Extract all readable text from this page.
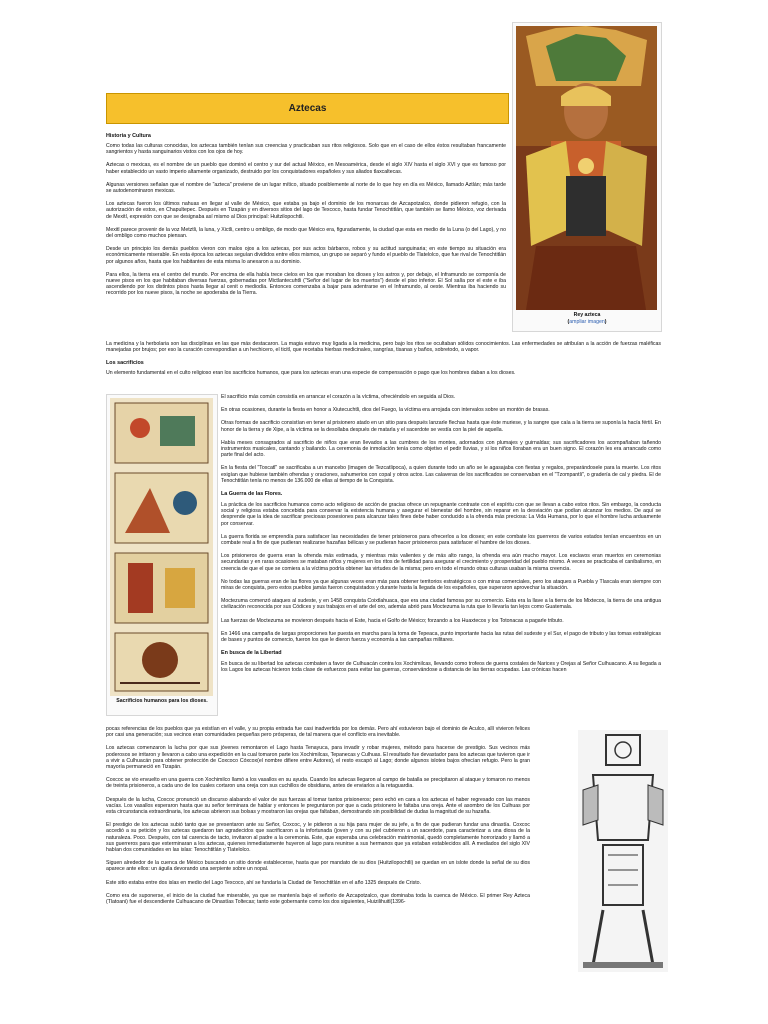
Aztecas
Historia y Cultura

Como todas las culturas conocidas, los aztecas también tenían sus creencias y practicaban sus ritos religiosos. Solo que en el caso de ellos éstos resultaban francamente sangrientos y hasta sanguinarios vistos con los ojos de hoy.

Aztecas o mexicas, es el nombre de un pueblo que dominó el centro y sur del actual México, en Mesoamérica, desde el siglo XIV hasta el siglo XVI y que es famoso por haber establecido un vasto imperio altamente organizado, destruido por los conquistadores españoles y sus aliados tlaxcaltecas.

Algunas versiones señalan que el nombre de "azteca" proviene de un lugar mítico, situado posiblemente al norte de lo que hoy en día es México, llamado Aztlán; más tarde se autodenominaron mexicas.

Los aztecas fueron los últimos nahuas en llegar al valle de México, que estaba ya bajo el dominio de los monarcas de Azcapotzalco, donde pidieron refugio, con la autorización de estos, en Chapultepec. Después en Tizapán y en diversos sitios del lago de Texcoco, hasta fundar Tenochtitlán, que también se llamo México, voz derivada de Mexitl, expresión con que se designaba así mismo al Dios principal: Huitzilopochtli.

Mexitl parece provenir de la voz Metztli, la luna, y Xictli, centro u ombligo, de modo que México era, figuradamente, la ciudad que esta en medio de la Luna (o del Lago), y no del ombligo como muchos piensan.

Desde un principio los demás pueblos vieron con malos ojos a los aztecas, por sus actos bárbaros, robos y su actitud sanguinaria; en este tiempo su situación era económicamente miserable. En esta época los aztecas seguían divididos entre ellos mismos, un grupo se separó y fundo el pueblo de Tlatelolco, que fue rival de Tenochtitlán por algunos años, hasta que los habitantes de esta misma lo anexaron a su dominio.

Para ellos, la tierra era el centro del mundo. Por encima de ella había trece cielos en los que moraban los dioses y los astros y, por debajo, el Inframundo se componía de nueve pisos en los que habitaban diversas fuerzas, gobernadas por Mictlantecuhtli ("Señor del lugar de los muertos") desde el piso inferior. El Sol salía por el este e iba ascendiendo por los distintos pisos hasta llegar al cenit o mediodía. Entonces comenzaba a bajar para adentrarse en el Inframundo, al oeste. Mientras iba haciendo su recorrido por los nueve pisos, la noche se apoderaba de la Tierra.

Rey azteca
(ampliar imagen)

La medicina y la herbolaria son las disciplinas en las que más destacaron. La magia estuvo muy ligada a la medicina, pero bajo los ritos se ocultaban sólidos conocimientos. Las enfermedades se atribuían a la acción de fuerzas maléficas manejadas por brujos; por eso la curación correspondían a un hechicero, el ticitl, que recetaba hierbas medicinales, sangrías, tisanas y baños, sobretodo, a vapor.

Los sacrificios

Un elemento fundamental en el culto religioso eran los sacrificios humanos, que para los aztecas eran una especie de compensación o pago que los hombres daban a los dioses.

Sacrificios humanos para los dioses.

El sacrificio más común consistía en arrancar el corazón a la víctima, ofreciéndolo en seguida al Dios.

En otras ocasiones, durante la fiesta en honor a Xiutecuchtli, dios del Fuego, la víctima era arrojada con intervalos sobre un montón de brasas.

Otras formas de sacrificio consistían en tener al prisionero atado en un sitio para después lanzarle flechas hasta que éste muriese, y la sangre que caía a la tierra se suponía la hacía fértil. En honor de la tierra y de Xipe, a la víctima se la desollaba después de matarla y el sacerdote se vestía con la piel de aquella.

Había meses consagrados al sacrificio de niños que eran llevados a las cumbres de los montes, adornados con plumajes y guirnaldas; sus sacrificadores los acompañaban tañendo instrumentos musicales, cantando y bailando. La ceremonia de inmolación tenía como objetivo el pedir lluvias, y si los niños lloraban era un buen signo. El corazón les era arrancado como parte final del acto.

En la fiesta del "Toxcatl" se sacrificaba a un mancebo (imagen de Tezcatlipoca), a quien durante todo un año se le agasajaba con fiestas y regalos, preparándosele para la muerte. Los ritos exigían que hubiese también ofrendas y oraciones, sahumerios con copal y otros actos. Las calaveras de los sacrificados se conservaban en el "Tzompantli", o gradería de cal y piedra. El de Tenochtitlán tenía no menos de 136.000 de ellas al tiempo de la Conquista.

La Guerra de las Flores.

La práctica de los sacrificios humanos como acto religioso de acción de gracias ofrece un repugnante contraste con el espíritu con que se llevan a cabo estos ritos. Sin embargo, la conducta social y religiosa estaba concebida para conservar la existencia humana y asegurar el bienestar del hombre, sin reparar en la desviación que podían alcanzar los medios. De aquí se desprende que la idea de sacrificar preciosas posesiones para alcanzar tales fines debe haber conducido a la ofrenda más preciosa: La Vida Humana, por lo que el hombre lucha arduamente por conservar.

La guerra florida se emprendía para satisfacer las necesidades de tener prisioneros para ofrecerlos a los dioses; en este combate los guerreros de varios estados tenían encuentros en un combate real a fin de que pudieran realizarse hazañas bélicas y se pudieran hacer prisioneros para satisfacer el hambre de los dioses.

Los prisioneros de guerra eran la ofrenda más estimada, y mientras más valientes y de más alto rango, la ofrenda era aún mucho mayor. Los esclavos eran muertos en ceremonias secundarias y en raras ocasiones se mataban niños y mujeres en los ritos de fertilidad para asegurar el crecimiento y prosperidad del pueblo mismo. A veces se practicaba el canibalismo, en creencia de que el que se comiera a la víctima podría obtener las virtudes de la misma; pero en todo el mundo otras culturas usaban la misma creencia.

No todas las guerras eran de las flores ya que algunas veces eran más para obtener territorios estratégicos o con miras comerciales, pero los ataques a Puebla y Tlaxcala eran siempre con miras de conquista, pero estos pueblos jamás fueron conquistados y durante hasta la llegada de los españoles, que superaron aprovechar la situación.

Moctezuma comenzó ataques al sudeste, y en 1458 conquista Coixtlahuaca, que era una ciudad famosa por su comercio. Esta era la llave a la tierra de los Mixtecos, la tierra de una antigua civilización reconocida por sus Códices y sus trabajos en el arte del oro, además abrió para Moctezuma la ruta que lo llevaría tan lejos como Guatemala.

Las fuerzas de Moctezuma se movieron después hacia el Este, hacia el Golfo de México; forzando a los Huaxtecos y los Totonacas a pagarle tributo.

En 1466 una campaña de largas proporciones fue puesta en marcha para la toma de Tepeaca, punto importante hacia las rutas del sudeste y el Sur, el pago de tributo y las tomas estratégicas de bases y puntos de comercio, fueron los que le dieron fuerza y economía a las campañas militares.

En busca de la Libertad

En busca de su libertad los aztecas combaten a favor de Culhuacán contra los Xochimilcas, llevando como trofeos de guerra costales de Narices y Orejas al Señor Culhuacano. A su llegada a los Lagos los aztecas hicieron toda clase de esfuerzos para evitar las guerras, conservándose a distancia de las tierras ocupadas. Las crónicas hacen

pocas referencias de los pueblos que ya existían en el valle, y su propia entrada fue casi inadvertida por los demás. Pero ahí estuvieron bajo el dominio de Aculco, allí vivieron felices por casi una generación; sus vecinos eran comunidades pequeñas pero prósperas, de tal manera que el conflicto era inevitable.

Los aztecas comenzaron la lucha por que sus jóvenes remontaron el Lago hasta Tenayuca, para invadir y robar mujeres, método para hacerse de prestigio. Sus vecinos más poderosos se irritaron y llevaron a cabo una expedición en la cual tomaron parte los Xochimilcas, Tepanecas y Culhuas. El resultado fue devastador para los aztecas que tuvieron que ir a vivir a Culhuacán para obtener protección de Coxcoco Cóxcox(el nombre difiere entre Autores), el resto escapó al Lago; donde algunos islotes bajos ofrecían refugio. Pero la gran mayoría permaneció en Tizapán.

Coxcoc se vio envuelto en una guerra con Xochimilco llamó a los vasallos en su ayuda. Cuando los aztecas llegaron al campo de batalla se precipitaron al ataque y tomaron no menos de treinta prisioneros, a cada uno de los cuales cortaron una oreja con sus cuchillos de obsidiana, antes de enviarlos a la retaguardia.

Después de la lucha, Coxcoc pronunció un discurso alabando el valor de sus fuerzas al tomar tantos prisioneros; pero echó en cara a los aztecas el haber regresado con las manos vacías. Los vasallos esperaron hasta que su señor terminara de hablar y entonces le preguntaron por que a cada prisionero le faltaba una oreja. Ante el asombro de los Culhuas por esta circunstancia extraordinaria, los aztecas abrieron sus bolsas y mostraron las orejas que faltaban, demostrando sin posibilidad de dudas la magnitud de su hazaña.

El prestigio de los aztecas subió tanto que se presentaron ante su Señor, Coxcoc, y le pidieron a su hija para mujer de su jefe, a fin de que pudieran fundar una dinastía. Coxcoc accedió a su petición y los aztecas quedaron tan agradecidos que sacrificaron a la infortunada (joven y con su piel cubrieron a un sacerdote, para caracterizar a una diosa de la naturaleza. Poco. Después, con tal carencia de tacto, invitaron al padre a la ceremonia. Este, que esperaba una celebración matrimonial, quedó completamente horrorizado y llamó a sus guerreros para que exterminaran a los aztecas, quienes inmediatamente huyeron al lago para reunirse a sus hermanos que ya estaban establecidos allí. A mediados del siglo XIV habían dos comunidades en las islas: Tenochtitlán y Tlatelolco.

Siguen alrededor de la cuenca de México buscando un sitio donde establecerse, hasta que por mandato de su dios (Huitzilopochtli) se quedan en un islote donde la señal de su dios aparece ante ellos: un águila devorando una serpiente sobre un nopal.

Este sitio estaba entre dos islas en medio del Lago Texcoco, ahí se fundaría la Ciudad de Tenochtitlán en el año 1325 después de Cristo.

Como era de suponerse, el inicio de la ciudad fue miserable, ya que se mantenía bajo el señorío de Azcapotzalco, que dominaba toda la cuenca de México. El primer Rey Azteca (Tlatoani) fue el descendiente Culhuacano de Dinastías Toltecas; tanto este gobernante como los dos siguientes, Huizilihuitl(1396-
